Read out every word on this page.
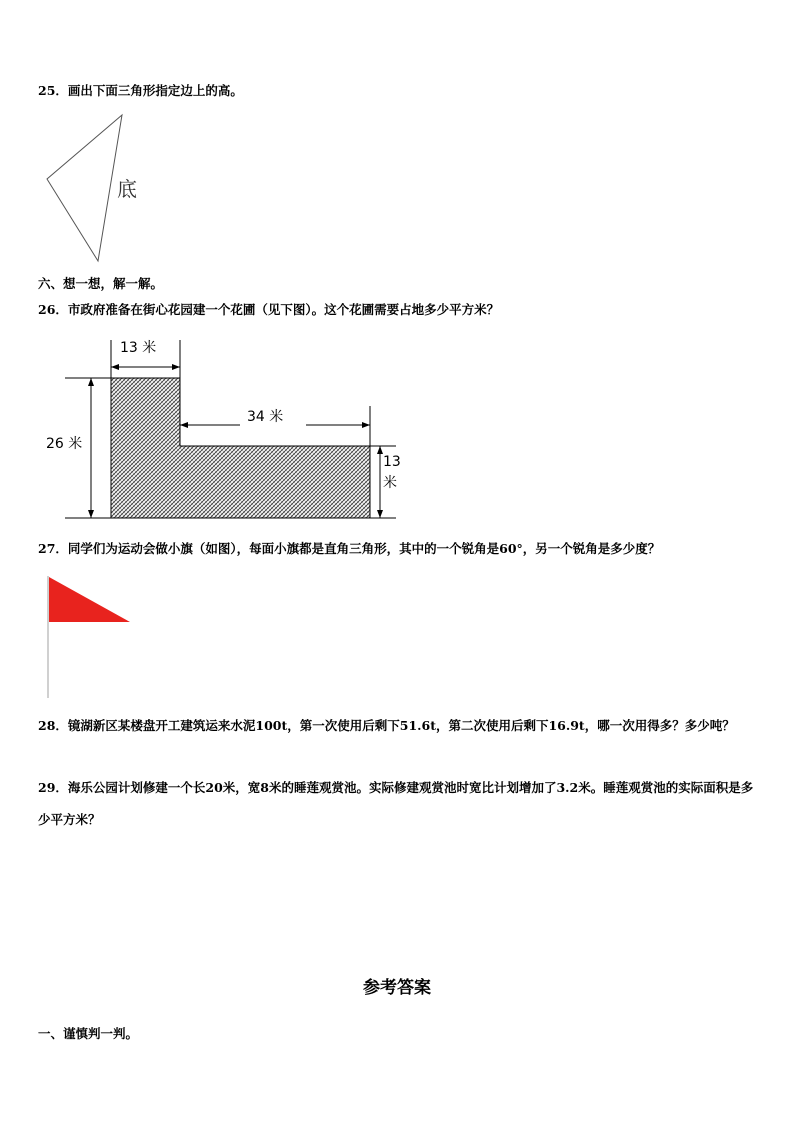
25．画出下面三角形指定边上的高。
底
六、想一想，解一解。
26．市政府准备在街心花园建一个花圃（见下图）。这个花圃需要占地多少平方米？
13 米
26 米
34 米
13
米
27．同学们为运动会做小旗（如图），每面小旗都是直角三角形，其中的一个锐角是60°，另一个锐角是多少度？
28．镜湖新区某楼盘开工建筑运来水泥100t，第一次使用后剩下51.6t，第二次使用后剩下16.9t，哪一次用得多？多少吨？
29．海乐公园计划修建一个长20米，宽8米的睡莲观赏池。实际修建观赏池时宽比计划增加了3.2米。睡莲观赏池的实际面积是多少平方米？
参考答案
一、谨慎判一判。
